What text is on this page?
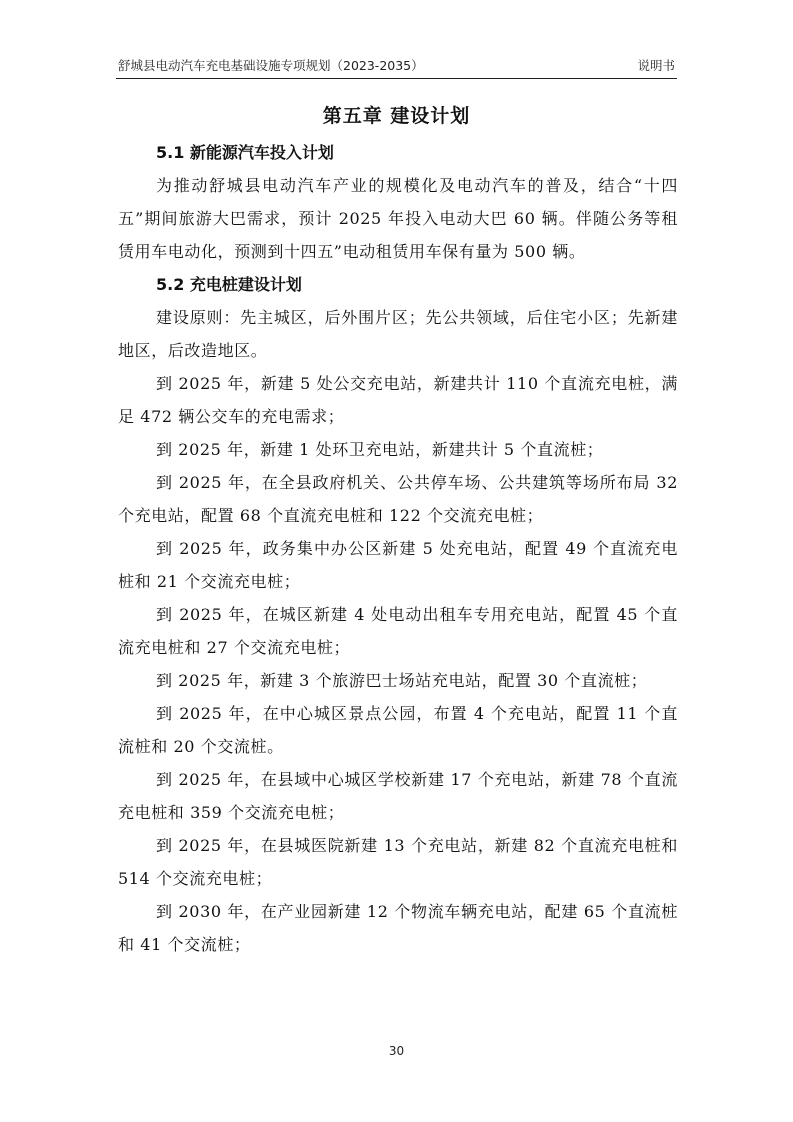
舒城县电动汽车充电基础设施专项规划（2023-2035）	说明书
第五章 建设计划
5.1 新能源汽车投入计划

为推动舒城县电动汽车产业的规模化及电动汽车的普及，结合“十四五”期间旅游大巴需求，预计 2025 年投入电动大巴 60 辆。伴随公务等租赁用车电动化，预测到十四五”电动租赁用车保有量为 500 辆。

5.2 充电桩建设计划

建设原则：先主城区，后外围片区；先公共领域，后住宅小区；先新建地区，后改造地区。

到 2025 年，新建 5 处公交充电站，新建共计 110 个直流充电桩，满足 472 辆公交车的充电需求；

到 2025 年，新建 1 处环卫充电站，新建共计 5 个直流桩；

到 2025 年，在全县政府机关、公共停车场、公共建筑等场所布局 32 个充电站，配置 68 个直流充电桩和 122 个交流充电桩；

到 2025 年，政务集中办公区新建 5 处充电站，配置 49 个直流充电桩和 21 个交流充电桩；

到 2025 年，在城区新建 4 处电动出租车专用充电站，配置 45 个直流充电桩和 27 个交流充电桩；

到 2025 年，新建 3 个旅游巴士场站充电站，配置 30 个直流桩；

到 2025 年，在中心城区景点公园，布置 4 个充电站，配置 11 个直流桩和 20 个交流桩。

到 2025 年，在县域中心城区学校新建 17 个充电站，新建 78 个直流充电桩和 359 个交流充电桩；

到 2025 年，在县城医院新建 13 个充电站，新建 82 个直流充电桩和 514 个交流充电桩；

到 2030 年，在产业园新建 12 个物流车辆充电站，配建 65 个直流桩和 41 个交流桩；

30
